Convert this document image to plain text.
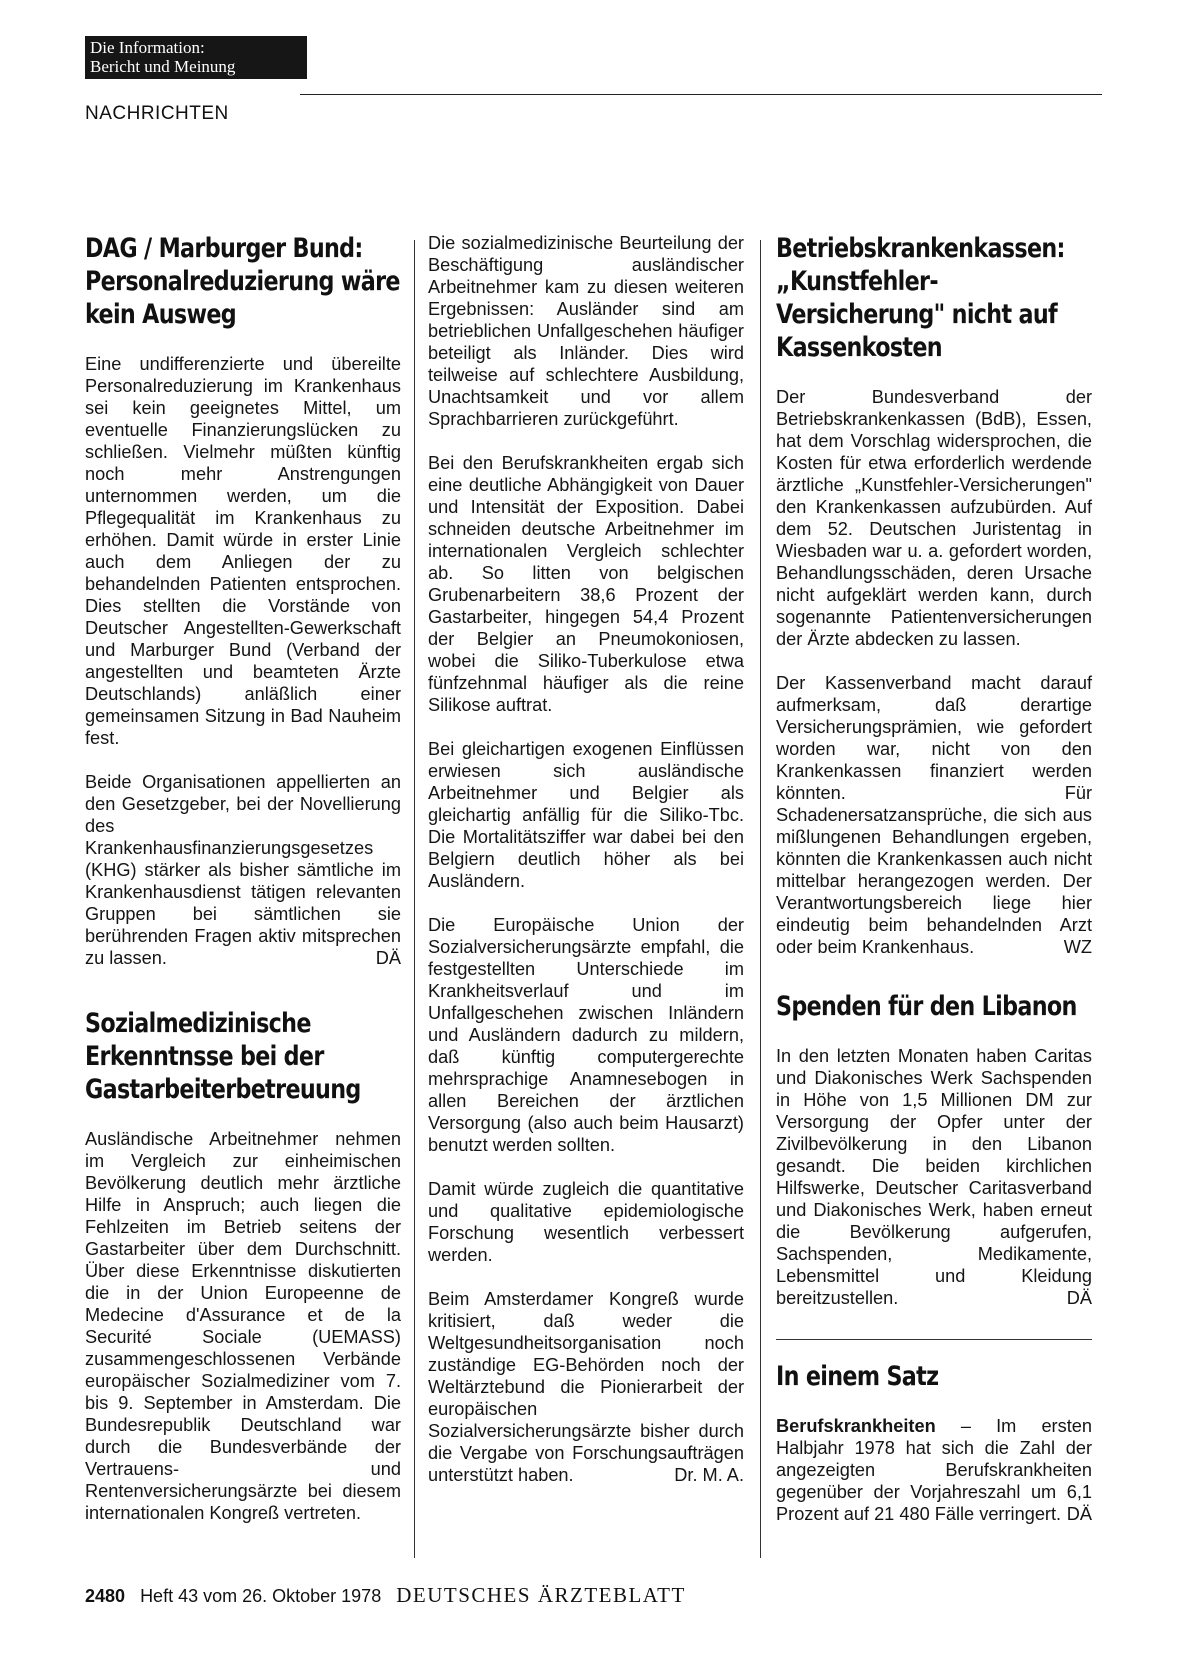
Die Information:
Bericht und Meinung
NACHRICHTEN
DAG / Marburger Bund: Personalreduzierung wäre kein Ausweg

Eine undifferenzierte und übereilte Personalreduzierung im Krankenhaus sei kein geeignetes Mittel, um eventuelle Finanzierungslücken zu schließen. Vielmehr müßten künftig noch mehr Anstrengungen unternommen werden, um die Pflegequalität im Krankenhaus zu erhöhen. Damit würde in erster Linie auch dem Anliegen der zu behandelnden Patienten entsprochen. Dies stellten die Vorstände von Deutscher Angestellten-Gewerkschaft und Marburger Bund (Verband der angestellten und beamteten Ärzte Deutschlands) anläßlich einer gemeinsamen Sitzung in Bad Nauheim fest.

Beide Organisationen appellierten an den Gesetzgeber, bei der Novellierung des Krankenhausfinanzierungsgesetzes (KHG) stärker als bisher sämtliche im Krankenhausdienst tätigen relevanten Gruppen bei sämtlichen sie berührenden Fragen aktiv mitsprechen zu lassen.	DÄ

Sozialmedizinische Erkenntnsse bei der Gastarbeiterbetreuung

Ausländische Arbeitnehmer nehmen im Vergleich zur einheimischen Bevölkerung deutlich mehr ärztliche Hilfe in Anspruch; auch liegen die Fehlzeiten im Betrieb seitens der Gastarbeiter über dem Durchschnitt. Über diese Erkenntnisse diskutierten die in der Union Europeenne de Medecine d'Assurance et de la Securité Sociale (UEMASS) zusammengeschlossenen Verbände europäischer Sozialmediziner vom 7. bis 9. September in Amsterdam. Die Bundesrepublik Deutschland war durch die Bundesverbände der Vertrauens- und Rentenversicherungsärzte bei diesem internationalen Kongreß vertreten.

Die sozialmedizinische Beurteilung der Beschäftigung ausländischer Arbeitnehmer kam zu diesen weiteren Ergebnissen: Ausländer sind am betrieblichen Unfallgeschehen häufiger beteiligt als Inländer. Dies wird teilweise auf schlechtere Ausbildung, Unachtsamkeit und vor allem Sprachbarrieren zurückgeführt.

Bei den Berufskrankheiten ergab sich eine deutliche Abhängigkeit von Dauer und Intensität der Exposition. Dabei schneiden deutsche Arbeitnehmer im internationalen Vergleich schlechter ab. So litten von belgischen Grubenarbeitern 38,6 Prozent der Gastarbeiter, hingegen 54,4 Prozent der Belgier an Pneumokoniosen, wobei die Siliko-Tuberkulose etwa fünfzehnmal häufiger als die reine Silikose auftrat.

Bei gleichartigen exogenen Einflüssen erwiesen sich ausländische Arbeitnehmer und Belgier als gleichartig anfällig für die Siliko-Tbc. Die Mortalitätsziffer war dabei bei den Belgiern deutlich höher als bei Ausländern.

Die Europäische Union der Sozialversicherungsärzte empfahl, die festgestellten Unterschiede im Krankheitsverlauf und im Unfallgeschehen zwischen Inländern und Ausländern dadurch zu mildern, daß künftig computergerechte mehrsprachige Anamnesebogen in allen Bereichen der ärztlichen Versorgung (also auch beim Hausarzt) benutzt werden sollten.

Damit würde zugleich die quantitative und qualitative epidemiologische Forschung wesentlich verbessert werden.

Beim Amsterdamer Kongreß wurde kritisiert, daß weder die Weltgesundheitsorganisation noch zuständige EG-Behörden noch der Weltärztebund die Pionierarbeit der europäischen Sozialversicherungsärzte bisher durch die Vergabe von Forschungsaufträgen unterstützt haben.	Dr. M. A.

Betriebskrankenkassen: „Kunstfehler-Versicherung" nicht auf Kassenkosten

Der Bundesverband der Betriebskrankenkassen (BdB), Essen, hat dem Vorschlag widersprochen, die Kosten für etwa erforderlich werdende ärztliche „Kunstfehler-Versicherungen" den Krankenkassen aufzubürden. Auf dem 52. Deutschen Juristentag in Wiesbaden war u. a. gefordert worden, Behandlungsschäden, deren Ursache nicht aufgeklärt werden kann, durch sogenannte Patientenversicherungen der Ärzte abdecken zu lassen.

Der Kassenverband macht darauf aufmerksam, daß derartige Versicherungsprämien, wie gefordert worden war, nicht von den Krankenkassen finanziert werden könnten. Für Schadenersatzansprüche, die sich aus mißlungenen Behandlungen ergeben, könnten die Krankenkassen auch nicht mittelbar herangezogen werden. Der Verantwortungsbereich liege hier eindeutig beim behandelnden Arzt oder beim Krankenhaus.	WZ

Spenden für den Libanon

In den letzten Monaten haben Caritas und Diakonisches Werk Sachspenden in Höhe von 1,5 Millionen DM zur Versorgung der Opfer unter der Zivilbevölkerung in den Libanon gesandt. Die beiden kirchlichen Hilfswerke, Deutscher Caritasverband und Diakonisches Werk, haben erneut die Bevölkerung aufgerufen, Sachspenden, Medikamente, Lebensmittel und Kleidung bereitzustellen.	DÄ

In einem Satz

Berufskrankheiten – Im ersten Halbjahr 1978 hat sich die Zahl der angezeigten Berufskrankheiten gegenüber der Vorjahreszahl um 6,1 Prozent auf 21 480 Fälle verringert. DÄ

2480 Heft 43 vom 26. Oktober 1978 DEUTSCHES ÄRZTEBLATT
